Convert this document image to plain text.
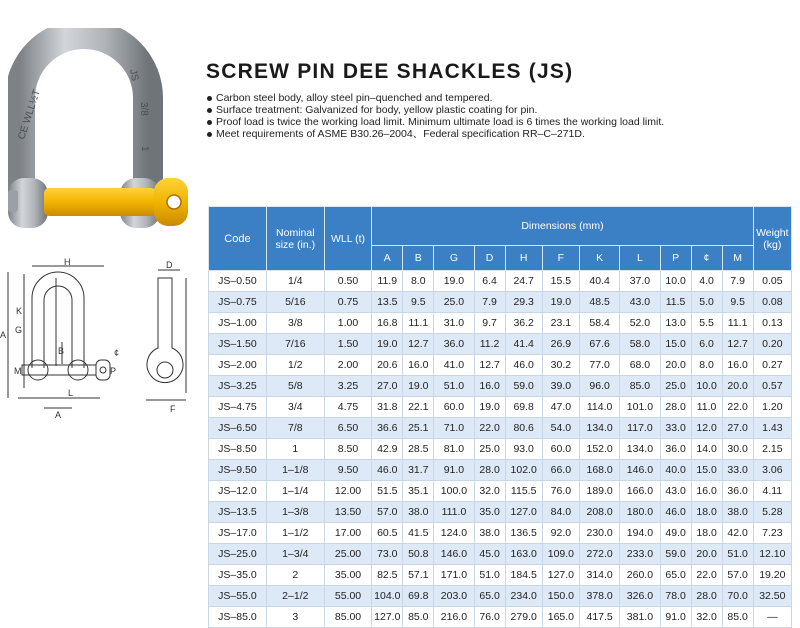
CE WLL½T
JS
3/8
1
H
A G
K
M
B
L
P
¢
A
D
F
SCREW PIN DEE SHACKLES (JS)
Carbon steel body, alloy steel pin–quenched and tempered.
Surface treatment: Galvanized for body, yellow plastic coating for pin.
Proof load is twice the working load limit. Minimum ultimate load is 6 times the working load limit.
Meet requirements of ASME B30.26–2004、Federal specification RR–C–271D.
Code	Nominal size (in.)	WLL (t)	Dimensions (mm)											Weight (kg)
			A	B	G	D	H	F	K	L	P	¢	M	
JS–0.50	1/4	0.50	11.9	8.0	19.0	6.4	24.7	15.5	40.4	37.0	10.0	4.0	7.9	0.05
JS–0.75	5/16	0.75	13.5	9.5	25.0	7.9	29.3	19.0	48.5	43.0	11.5	5.0	9.5	0.08
JS–1.00	3/8	1.00	16.8	11.1	31.0	9.7	36.2	23.1	58.4	52.0	13.0	5.5	11.1	0.13
JS–1.50	7/16	1.50	19.0	12.7	36.0	11.2	41.4	26.9	67.6	58.0	15.0	6.0	12.7	0.20
JS–2.00	1/2	2.00	20.6	16.0	41.0	12.7	46.0	30.2	77.0	68.0	20.0	8.0	16.0	0.27
JS–3.25	5/8	3.25	27.0	19.0	51.0	16.0	59.0	39.0	96.0	85.0	25.0	10.0	20.0	0.57
JS–4.75	3/4	4.75	31.8	22.1	60.0	19.0	69.8	47.0	114.0	101.0	28.0	11.0	22.0	1.20
JS–6.50	7/8	6.50	36.6	25.1	71.0	22.0	80.6	54.0	134.0	117.0	33.0	12.0	27.0	1.43
JS–8.50	1	8.50	42.9	28.5	81.0	25.0	93.0	60.0	152.0	134.0	36.0	14.0	30.0	2.15
JS–9.50	1–1/8	9.50	46.0	31.7	91.0	28.0	102.0	66.0	168.0	146.0	40.0	15.0	33.0	3.06
JS–12.0	1–1/4	12.00	51.5	35.1	100.0	32.0	115.5	76.0	189.0	166.0	43.0	16.0	36.0	4.11
JS–13.5	1–3/8	13.50	57.0	38.0	111.0	35.0	127.0	84.0	208.0	180.0	46.0	18.0	38.0	5.28
JS–17.0	1–1/2	17.00	60.5	41.5	124.0	38.0	136.5	92.0	230.0	194.0	49.0	18.0	42.0	7.23
JS–25.0	1–3/4	25.00	73.0	50.8	146.0	45.0	163.0	109.0	272.0	233.0	59.0	20.0	51.0	12.10
JS–35.0	2	35.00	82.5	57.1	171.0	51.0	184.5	127.0	314.0	260.0	65.0	22.0	57.0	19.20
JS–55.0	2–1/2	55.00	104.0	69.8	203.0	65.0	234.0	150.0	378.0	326.0	78.0	28.0	70.0	32.50
JS–85.0	3	85.00	127.0	85.0	216.0	76.0	279.0	165.0	417.5	381.0	91.0	32.0	85.0	—
